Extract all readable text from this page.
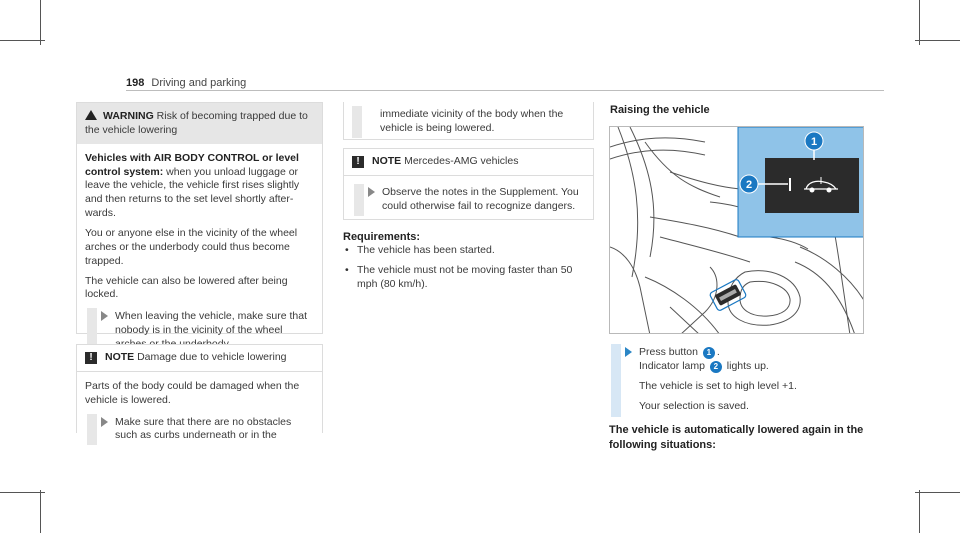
198 Driving and parking
WARNING Risk of becoming trapped due to the vehicle lowering

Vehicles with AIR BODY CONTROL or level control system: when you unload luggage or leave the vehicle, the vehicle first rises slightly and then returns to the set level shortly after-wards.

You or anyone else in the vicinity of the wheel arches or the underbody could thus become trapped.

The vehicle can also be lowered after being locked.

When leaving the vehicle, make sure that nobody is in the vicinity of the wheel
! NOTE Damage due to vehicle lowering

Parts of the body could be damaged when the vehicle is lowered.

Make sure that there are no obstacles such as curbs underneath or in the
immediate vicinity of the body when the vehicle is being lowered.
! NOTE Mercedes-AMG vehicles
Observe the notes in the Supplement. You could otherwise fail to recognize dangers.
Requirements:
• The vehicle has been started.
• The vehicle must not be moving faster than 50 mph (80 km/h).
Raising the vehicle
1
2
Press button 1 .
Indicator lamp 2 lights up.

The vehicle is set to high level +1.

Your selection is saved.

The vehicle is automatically lowered again in the following situations:
